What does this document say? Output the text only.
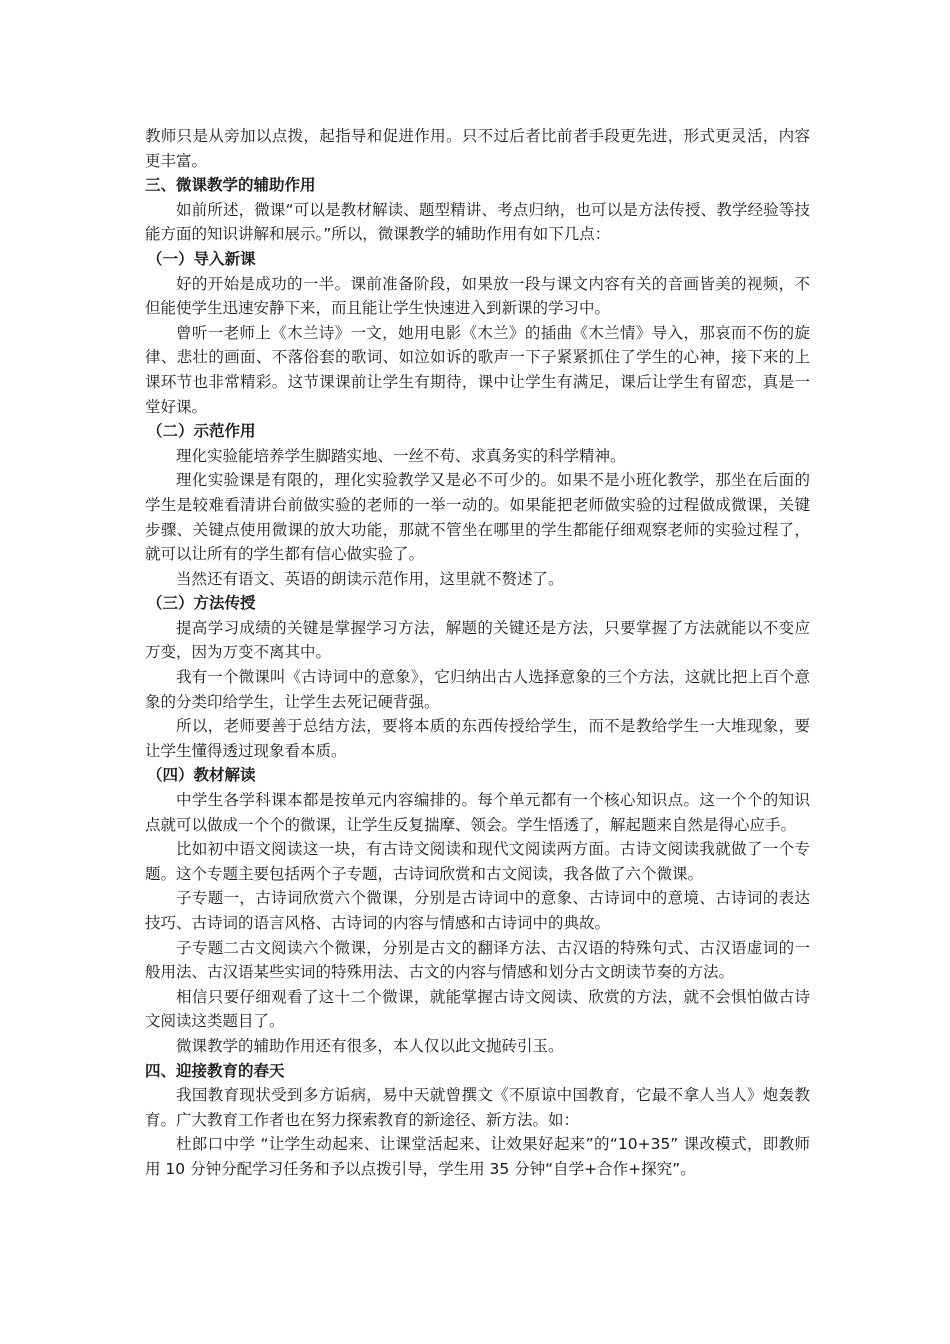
教师只是从旁加以点拨，起指导和促进作用。只不过后者比前者手段更先进，形式更灵活，内容更丰富。

三、微课教学的辅助作用

如前所述，微课“可以是教材解读、题型精讲、考点归纳，也可以是方法传授、教学经验等技能方面的知识讲解和展示。”所以，微课教学的辅助作用有如下几点：

（一）导入新课

好的开始是成功的一半。课前准备阶段，如果放一段与课文内容有关的音画皆美的视频，不但能使学生迅速安静下来，而且能让学生快速进入到新课的学习中。

曾听一老师上《木兰诗》一文，她用电影《木兰》的插曲《木兰情》导入，那哀而不伤的旋律、悲壮的画面、不落俗套的歌词、如泣如诉的歌声一下子紧紧抓住了学生的心神，接下来的上课环节也非常精彩。这节课课前让学生有期待，课中让学生有满足，课后让学生有留恋，真是一堂好课。

（二）示范作用

理化实验能培养学生脚踏实地、一丝不苟、求真务实的科学精神。

理化实验课是有限的，理化实验教学又是必不可少的。如果不是小班化教学，那坐在后面的学生是较难看清讲台前做实验的老师的一举一动的。如果能把老师做实验的过程做成微课，关键步骤、关键点使用微课的放大功能，那就不管坐在哪里的学生都能仔细观察老师的实验过程了，就可以让所有的学生都有信心做实验了。

当然还有语文、英语的朗读示范作用，这里就不赘述了。

（三）方法传授

提高学习成绩的关键是掌握学习方法，解题的关键还是方法，只要掌握了方法就能以不变应万变，因为万变不离其中。

我有一个微课叫《古诗词中的意象》，它归纳出古人选择意象的三个方法，这就比把上百个意象的分类印给学生，让学生去死记硬背强。

所以，老师要善于总结方法，要将本质的东西传授给学生，而不是教给学生一大堆现象，要让学生懂得透过现象看本质。

（四）教材解读

中学生各学科课本都是按单元内容编排的。每个单元都有一个核心知识点。这一个个的知识点就可以做成一个个的微课，让学生反复揣摩、领会。学生悟透了，解起题来自然是得心应手。

比如初中语文阅读这一块，有古诗文阅读和现代文阅读两方面。古诗文阅读我就做了一个专题。这个专题主要包括两个子专题，古诗词欣赏和古文阅读，我各做了六个微课。

子专题一，古诗词欣赏六个微课，分别是古诗词中的意象、古诗词中的意境、古诗词的表达技巧、古诗词的语言风格、古诗词的内容与情感和古诗词中的典故。

子专题二古文阅读六个微课，分别是古文的翻译方法、古汉语的特殊句式、古汉语虚词的一般用法、古汉语某些实词的特殊用法、古文的内容与情感和划分古文朗读节奏的方法。

相信只要仔细观看了这十二个微课，就能掌握古诗文阅读、欣赏的方法，就不会惧怕做古诗文阅读这类题目了。

微课教学的辅助作用还有很多，本人仅以此文抛砖引玉。

四、迎接教育的春天

我国教育现状受到多方诟病，易中天就曾撰文《不原谅中国教育，它最不拿人当人》炮轰教育。广大教育工作者也在努力探索教育的新途径、新方法。如：

杜郎口中学 “让学生动起来、让课堂活起来、让效果好起来”的“10+35” 课改模式，即教师用 10 分钟分配学习任务和予以点拨引导，学生用 35 分钟“自学+合作+探究”。
